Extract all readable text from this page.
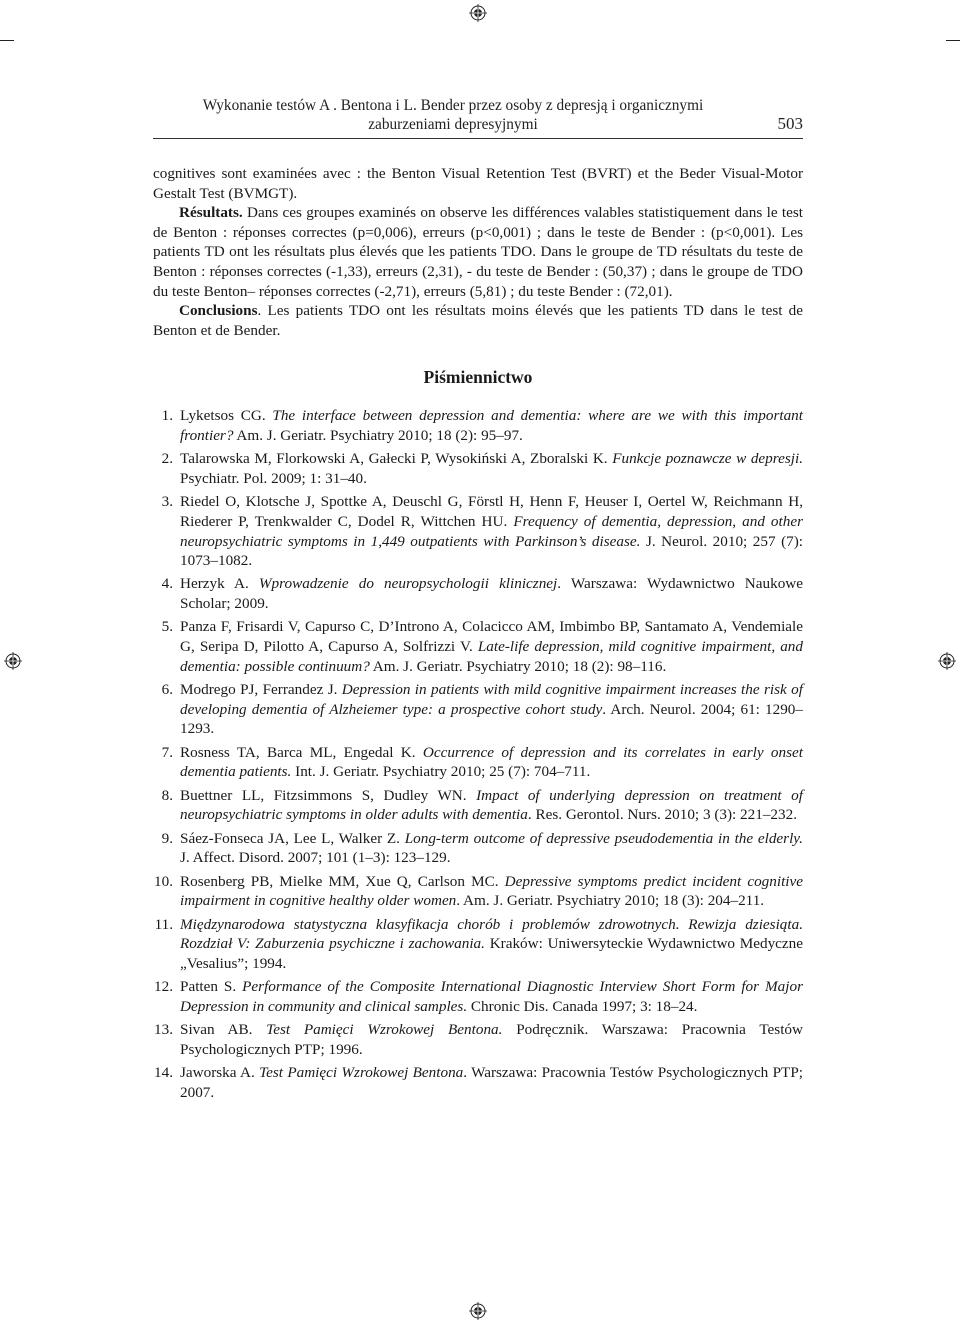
Wykonanie testów A . Bentona i L. Bender przez osoby z depresją i organicznymi
zaburzeniami depresyjnymi	503

cognitives sont examinées avec : the Benton Visual Retention Test (BVRT) et the Beder Visual-Motor Gestalt Test (BVMGT).

Résultats. Dans ces groupes examinés on observe les différences valables statistiquement dans le test de Benton : réponses correctes (p=0,006), erreurs (p<0,001) ; dans le teste de Bender : (p<0,001). Les patients TD ont les résultats plus élevés que les patients TDO. Dans le groupe de TD résultats du teste de Benton : réponses correctes (-1,33), erreurs (2,31), - du teste de Bender : (50,37) ; dans le groupe de TDO du teste Benton– réponses correctes (-2,71), erreurs (5,81) ; du teste Bender : (72,01).

Conclusions. Les patients TDO ont les résultats moins élevés que les patients TD dans le test de Benton et de Bender.

Piśmiennictwo
1. Lyketsos CG. The interface between depression and dementia: where are we with this important frontier? Am. J. Geriatr. Psychiatry 2010; 18 (2): 95–97.
2. Talarowska M, Florkowski A, Gałecki P, Wysokiński A, Zboralski K. Funkcje poznawcze w depresji. Psychiatr. Pol. 2009; 1: 31–40.
3. Riedel O, Klotsche J, Spottke A, Deuschl G, Förstl H, Henn F, Heuser I, Oertel W, Reichmann H, Riederer P, Trenkwalder C, Dodel R, Wittchen HU. Frequency of dementia, depression, and other neuropsychiatric symptoms in 1,449 outpatients with Parkinson’s disease. J. Neurol. 2010; 257 (7): 1073–1082.
4. Herzyk A. Wprowadzenie do neuropsychologii klinicznej. Warszawa: Wydawnictwo Naukowe Scholar; 2009.
5. Panza F, Frisardi V, Capurso C, D’Introno A, Colacicco AM, Imbimbo BP, Santamato A, Vendemiale G, Seripa D, Pilotto A, Capurso A, Solfrizzi V. Late-life depression, mild cognitive impairment, and dementia: possible continuum? Am. J. Geriatr. Psychiatry 2010; 18 (2): 98–116.
6. Modrego PJ, Ferrandez J. Depression in patients with mild cognitive impairment increases the risk of developing dementia of Alzheiemer type: a prospective cohort study. Arch. Neurol. 2004; 61: 1290–1293.
7. Rosness TA, Barca ML, Engedal K. Occurrence of depression and its correlates in early onset dementia patients. Int. J. Geriatr. Psychiatry 2010; 25 (7): 704–711.
8. Buettner LL, Fitzsimmons S, Dudley WN. Impact of underlying depression on treatment of neuropsychiatric symptoms in older adults with dementia. Res. Gerontol. Nurs. 2010; 3 (3): 221–232.
9. Sáez-Fonseca JA, Lee L, Walker Z. Long-term outcome of depressive pseudodementia in the elderly. J. Affect. Disord. 2007; 101 (1–3): 123–129.
10. Rosenberg PB, Mielke MM, Xue Q, Carlson MC. Depressive symptoms predict incident cognitive impairment in cognitive healthy older women. Am. J. Geriatr. Psychiatry 2010; 18 (3): 204–211.
11. Międzynarodowa statystyczna klasyfikacja chorób i problemów zdrowotnych. Rewizja dziesiąta. Rozdział V: Zaburzenia psychiczne i zachowania. Kraków: Uniwersyteckie Wydawnictwo Medyczne „Vesalius”; 1994.
12. Patten S. Performance of the Composite International Diagnostic Interview Short Form for Major Depression in community and clinical samples. Chronic Dis. Canada 1997; 3: 18–24.
13. Sivan AB. Test Pamięci Wzrokowej Bentona. Podręcznik. Warszawa: Pracownia Testów Psychologicznych PTP; 1996.
14. Jaworska A. Test Pamięci Wzrokowej Bentona. Warszawa: Pracownia Testów Psychologicznych PTP; 2007.
